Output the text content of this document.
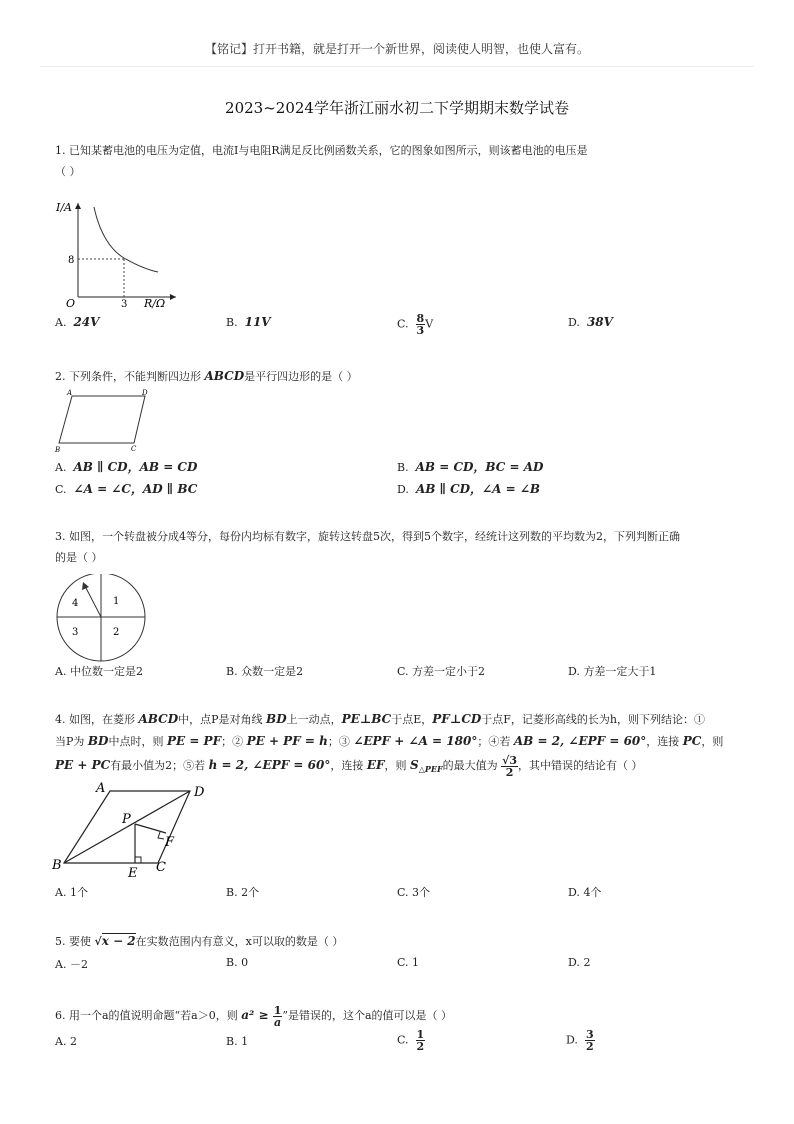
【铭记】打开书籍，就是打开一个新世界，阅读使人明智，也使人富有。
2023~2024学年浙江丽水初二下学期期末数学试卷
1. 已知某蓄电池的电压为定值，电流I与电阻R满足反比例函数关系，它的图象如图所示，则该蓄电池的电压是
（ ）
I/A
R/Ω
O
8
3
A. 24V	B. 11V	C. $\frac{8}{3}$ V	D. 38V
2. 下列条件，不能判断四边形 ABCD是平行四边形的是（ ）
A	D
B	C
A. AB ∥ CD，AB = CD	B. AB = CD，BC = AD
C. ∠A = ∠C，AD ∥ BC	D. AB ∥ CD，∠A = ∠B
3. 如图，一个转盘被分成4等分，每份内均标有数字，旋转这转盘5次，得到5个数字，经统计这列数的平均数为2，下列判断正确
的是（ ）
4	1
3	2
A. 中位数一定是2	B. 众数一定是2	C. 方差一定小于2	D. 方差一定大于1
4. 如图，在菱形 ABCD中，点P是对角线 BD上一动点，PE⊥BC于点E，PF⊥CD于点F，记菱形高线的长为h，则下列结论：①
当P为 BD中点时，则 PE = PF；② PE + PF = h；③ ∠EPF + ∠A = 180°；④若 AB = 2, ∠EPF = 60°，连接 PC，则
PE + PC有最小值为2；⑤若 h = 2, ∠EPF = 60°，连接 EF，则 $S_{\triangle PEF}$的最大值为 $\frac{√3}{2}$ ，其中错误的结论有（ ）
A	D
B	C
P
E
F
A. 1个	B. 2个	C. 3个	D. 4个
5. 要使 √x − 2在实数范围内有意义，x可以取的数是（ ）
A. －2	B. 0	C. 1	D. 2
6. 用一个a的值说明命题“若a＞0，则 $a^2 \ge \frac{1}{a}$ ”是错误的，这个a的值可以是（ ）
A. 2	B. 1	C. $\frac{1}{2}$	D. $\frac{3}{2}$
